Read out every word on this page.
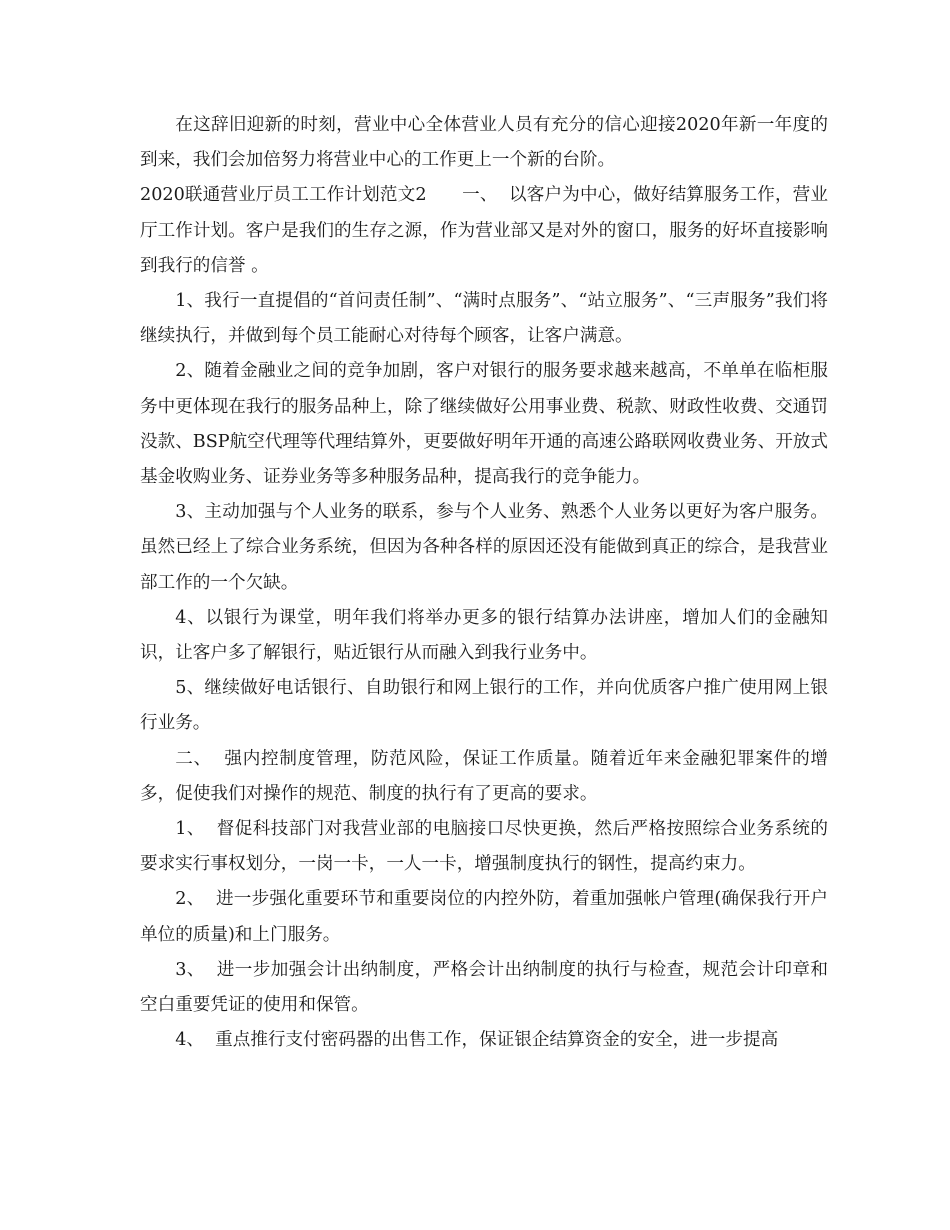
在这辞旧迎新的时刻，营业中心全体营业人员有充分的信心迎接2020年新一年度的到来，我们会加倍努力将营业中心的工作更上一个新的台阶。

2020联通营业厅员工工作计划范文2　　一、  以客户为中心，做好结算服务工作，营业厅工作计划。客户是我们的生存之源，作为营业部又是对外的窗口，服务的好坏直接影响到我行的信誉 。

1、我行一直提倡的“首问责任制”、“满时点服务”、“站立服务”、“三声服务”我们将继续执行，并做到每个员工能耐心对待每个顾客，让客户满意。

2、随着金融业之间的竞争加剧，客户对银行的服务要求越来越高，不单单在临柜服务中更体现在我行的服务品种上，除了继续做好公用事业费、税款、财政性收费、交通罚没款、BSP航空代理等代理结算外，更要做好明年开通的高速公路联网收费业务、开放式基金收购业务、证券业务等多种服务品种，提高我行的竞争能力。

3、主动加强与个人业务的联系，参与个人业务、熟悉个人业务以更好为客户服务。虽然已经上了综合业务系统，但因为各种各样的原因还没有能做到真正的综合，是我营业部工作的一个欠缺。

4、以银行为课堂，明年我们将举办更多的银行结算办法讲座，增加人们的金融知识，让客户多了解银行，贴近银行从而融入到我行业务中。

5、继续做好电话银行、自助银行和网上银行的工作，并向优质客户推广使用网上银行业务。

二、  强内控制度管理，防范风险，保证工作质量。随着近年来金融犯罪案件的增多，促使我们对操作的规范、制度的执行有了更高的要求。

1、  督促科技部门对我营业部的电脑接口尽快更换，然后严格按照综合业务系统的要求实行事权划分，一岗一卡，一人一卡，增强制度执行的钢性，提高约束力。

2、  进一步强化重要环节和重要岗位的内控外防，着重加强帐户管理(确保我行开户单位的质量)和上门服务。

3、  进一步加强会计出纳制度，严格会计出纳制度的执行与检查，规范会计印章和空白重要凭证的使用和保管。

4、  重点推行支付密码器的出售工作，保证银企结算资金的安全，进一步提高
